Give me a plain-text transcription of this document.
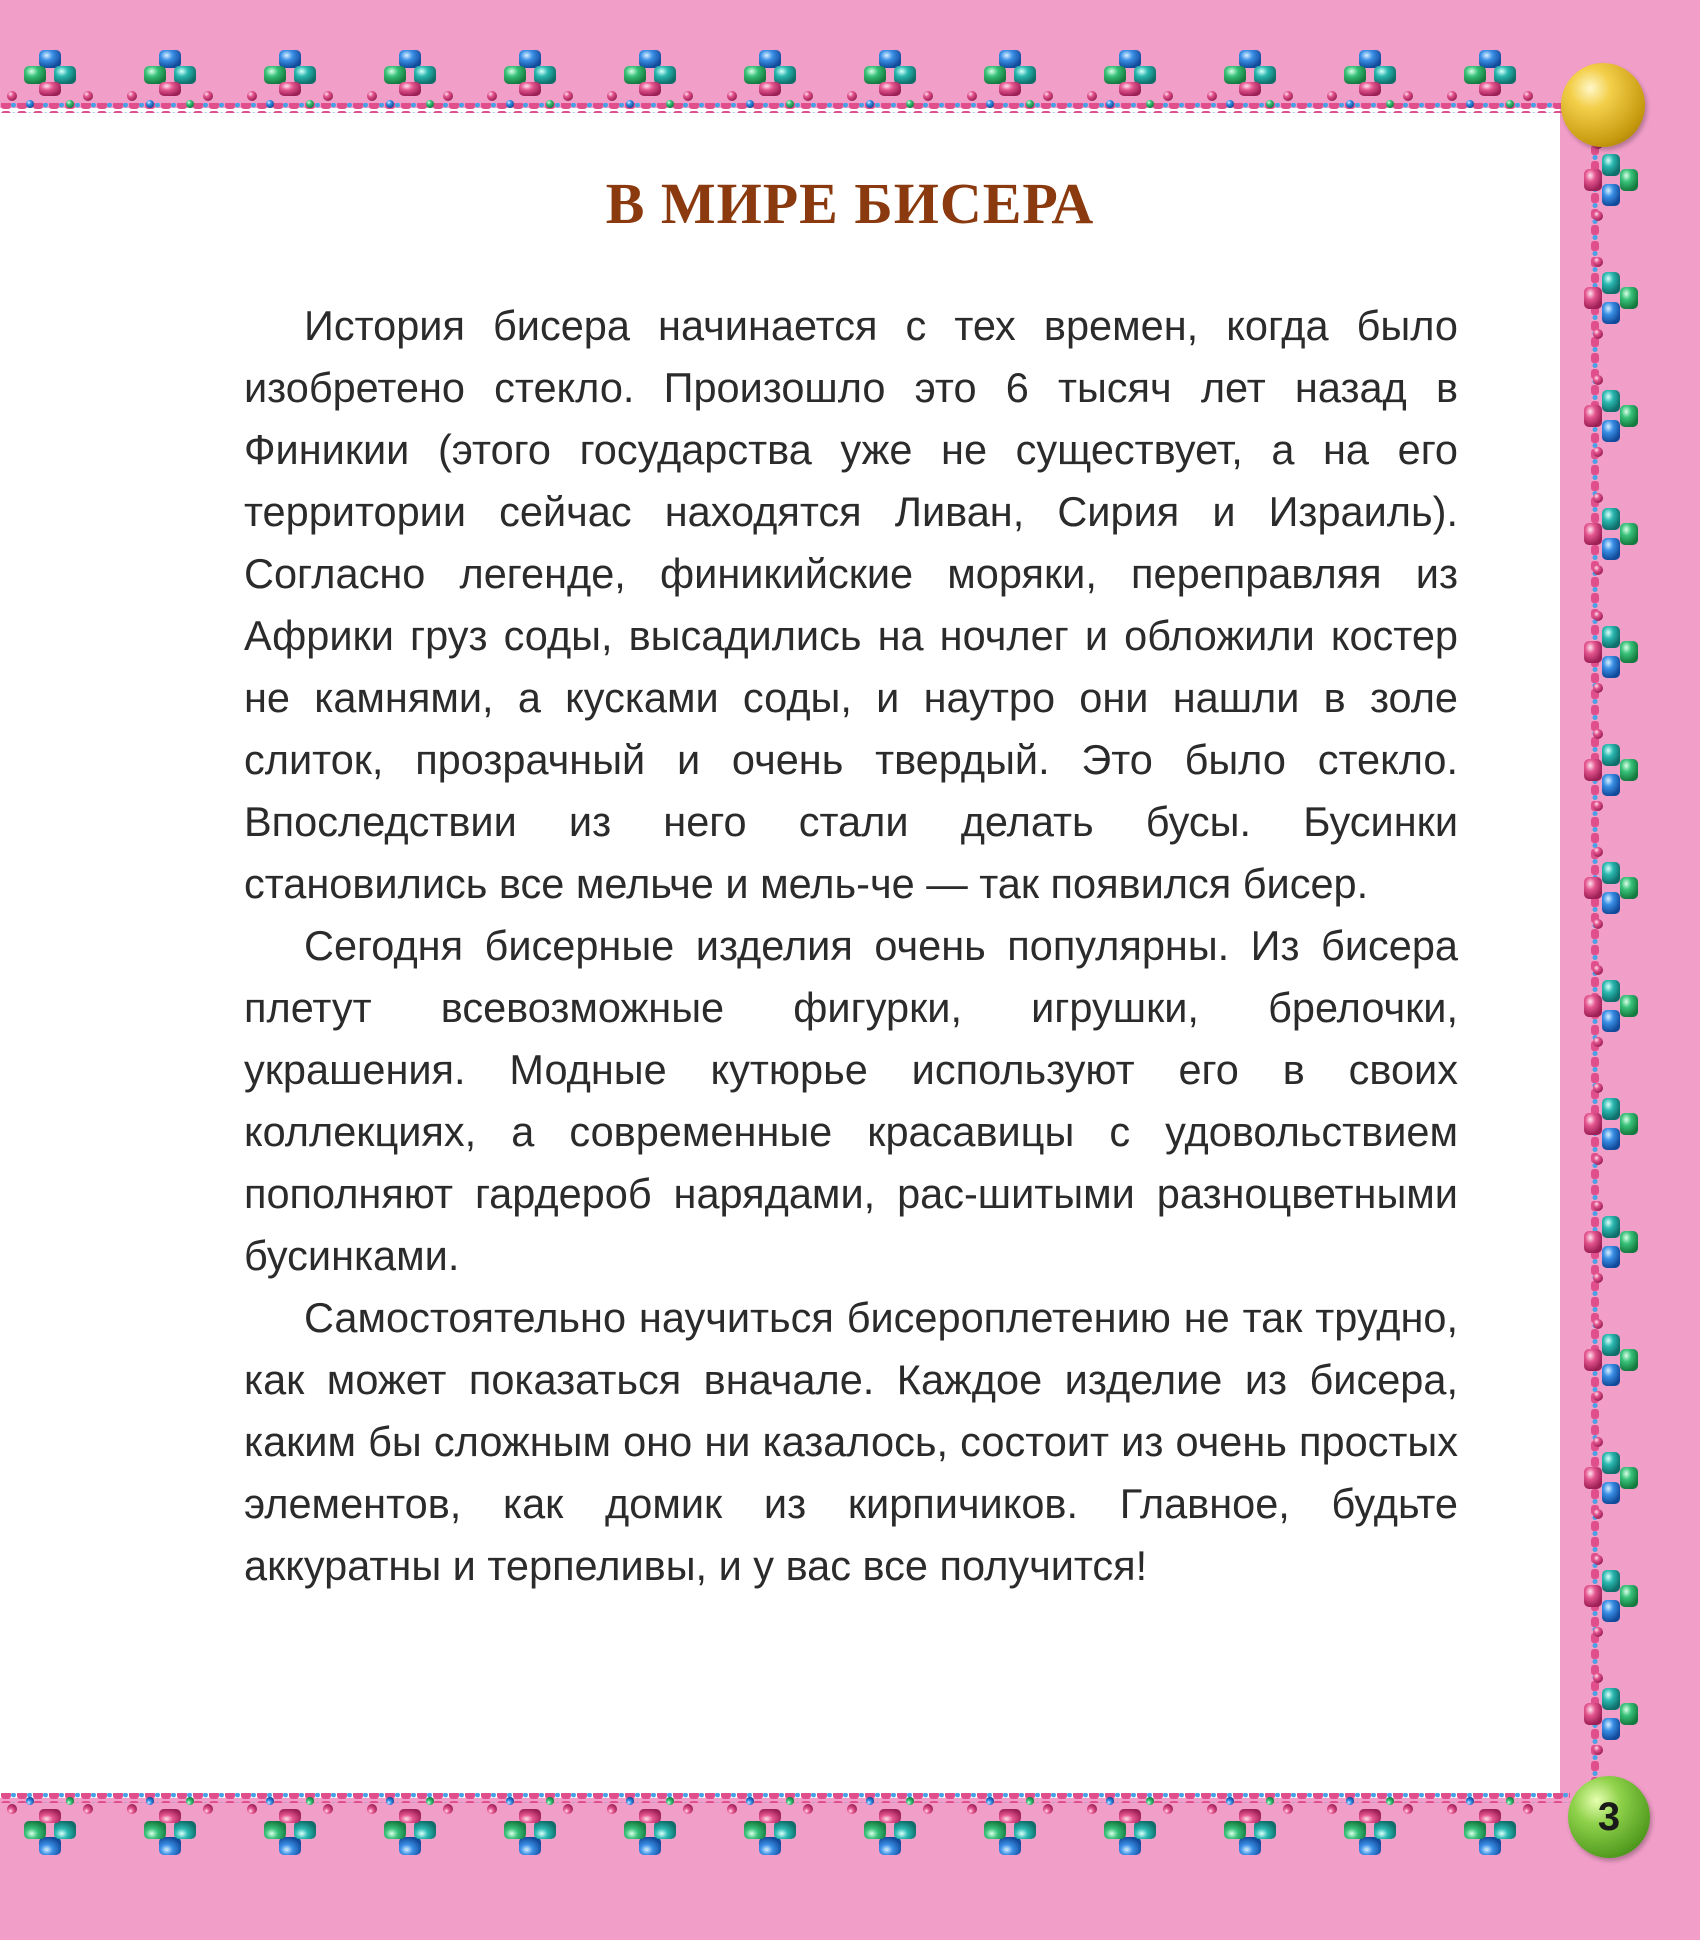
В МИРЕ БИСЕРА

История бисера начинается с тех времен, когда было изобретено стекло. Произошло это 6 тысяч лет назад в Финикии (этого государства уже не существует, а на его территории сейчас находятся Ливан, Сирия и Израиль). Согласно легенде, финикийские моряки, переправляя из Африки груз соды, высадились на ночлег и обложили костер не камнями, а кусками соды, и наутро они нашли в золе слиток, прозрачный и очень твердый. Это было стекло. Впоследствии из него стали делать бусы. Бусинки становились все мельче и мель-че — так появился бисер.

Сегодня бисерные изделия очень популярны. Из бисера плетут всевозможные фигурки, игрушки, брелочки, украшения. Модные кутюрье используют его в своих коллекциях, а современные красавицы с удовольствием пополняют гардероб нарядами, рас-шитыми разноцветными бусинками.

Самостоятельно научиться бисероплетению не так трудно, как может показаться вначале. Каждое изделие из бисера, каким бы сложным оно ни казалось, состоит из очень простых элементов, как домик из кирпичиков. Главное, будьте аккуратны и терпеливы, и у вас все получится!

3
